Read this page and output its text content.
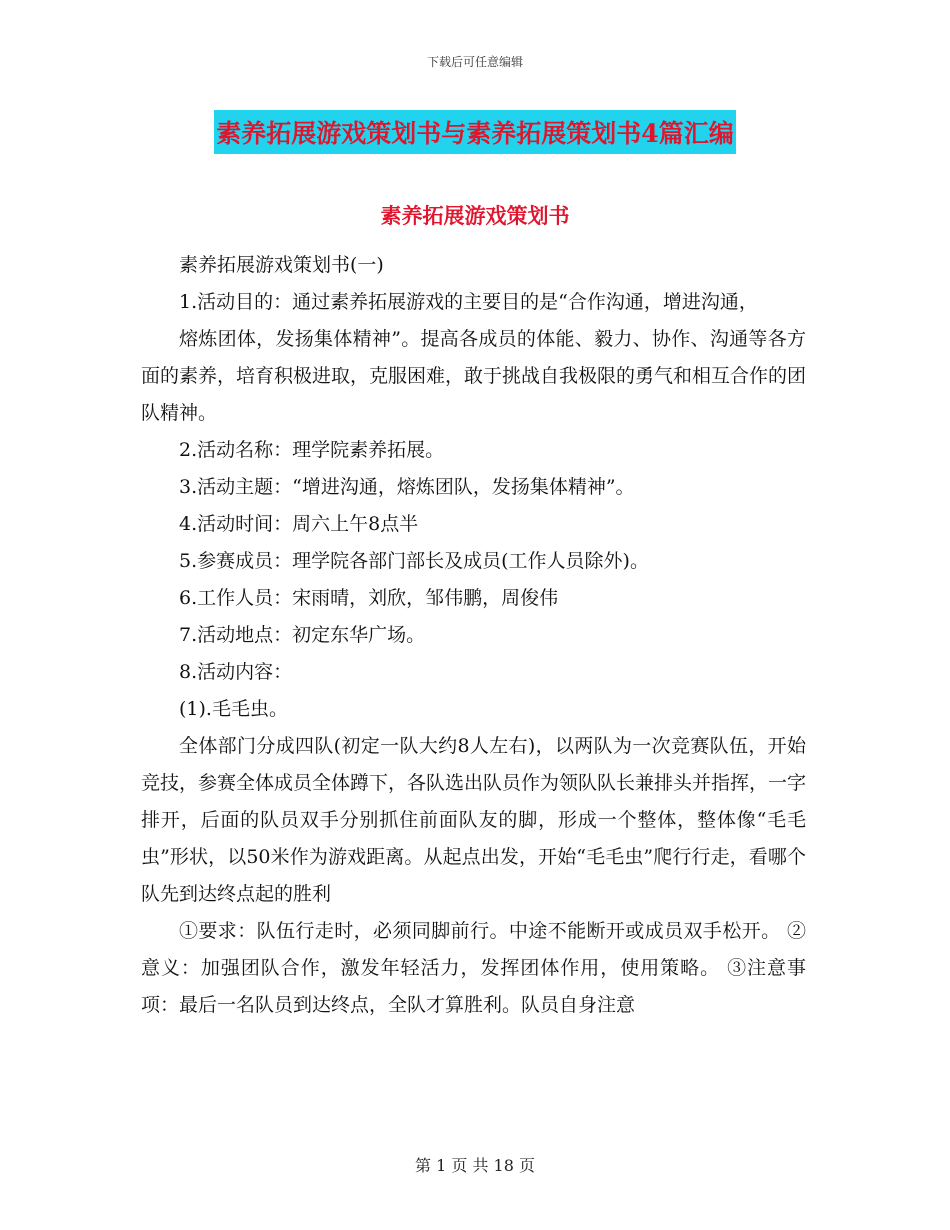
下载后可任意编辑
素养拓展游戏策划书与素养拓展策划书4篇汇编
素养拓展游戏策划书

素养拓展游戏策划书(一)

1.活动目的：通过素养拓展游戏的主要目的是“合作沟通，增进沟通，

熔炼团体，发扬集体精神”。提高各成员的体能、毅力、协作、沟通等各方面的素养，培育积极进取，克服困难，敢于挑战自我极限的勇气和相互合作的团队精神。

2.活动名称：理学院素养拓展。

3.活动主题：“增进沟通，熔炼团队，发扬集体精神”。

4.活动时间：周六上午8点半

5.参赛成员：理学院各部门部长及成员(工作人员除外)。

6.工作人员：宋雨晴，刘欣，邹伟鹏，周俊伟

7.活动地点：初定东华广场。

8.活动内容：

(1).毛毛虫。

全体部门分成四队(初定一队大约8人左右)，以两队为一次竞赛队伍，开始竞技，参赛全体成员全体蹲下，各队选出队员作为领队队长兼排头并指挥，一字排开，后面的队员双手分别抓住前面队友的脚，形成一个整体，整体像“毛毛虫”形状，以50米作为游戏距离。从起点出发，开始“毛毛虫”爬行行走，看哪个队先到达终点起的胜利

①要求：队伍行走时，必须同脚前行。中途不能断开或成员双手松开。 ②意义：加强团队合作，激发年轻活力，发挥团体作用，使用策略。 ③注意事项：最后一名队员到达终点，全队才算胜利。队员自身注意

第 1 页 共 18 页
